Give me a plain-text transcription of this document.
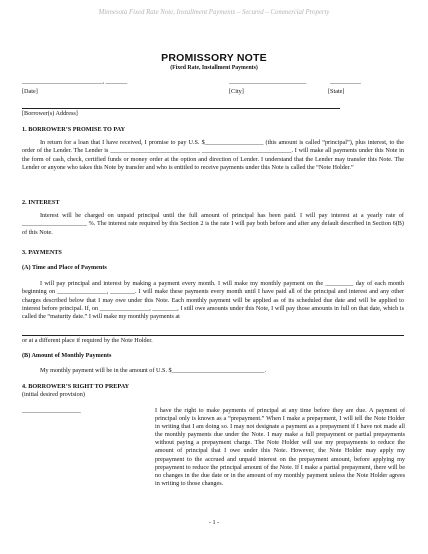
Minnesota Fixed Rate Note, Installment Payments – Secured – Commercial Property
PROMISSORY NOTE
(Fixed Rate, Installment Payments)
__________________________, _______	_________________________	__________
[Date]	[City]	[State]
[Borrower(s) Address]
1. BORROWER’S PROMISE TO PAY
In return for a loan that I have received, I promise to pay U.S. $___________________ (this amount is called “principal”), plus interest, to the order of the Lender. The Lender is _____________________________ _____________________________. I will make all payments under this Note in the form of cash, check, certified funds or money order at the option and direction of Lender. I understand that the Lender may transfer this Note. The Lender or anyone who takes this Note by transfer and who is entitled to receive payments under this Note is called the “Note Holder.”
2. INTEREST
Interest will be charged on unpaid principal until the full amount of principal has been paid. I will pay interest at a yearly rate of _____________________ %. The interest rate required by this Section 2 is the rate I will pay both before and after any default described in Section 6(B) of this Note.
3. PAYMENTS
(A) Time and Place of Payments
I will pay principal and interest by making a payment every month. I will make my monthly payment on the _________ day of each month beginning on ________________, ________. I will make these payments every month until I have paid all of the principal and interest and any other charges described below that I may owe under this Note. Each monthly payment will be applied as of its scheduled due date and will be applied to interest before principal. If, on ________________, ________, I still owe amounts under this Note, I will pay those amounts in full on that date, which is called the “maturity date.” I will make my monthly payments at
or at a different place if required by the Note Holder.
(B) Amount of Monthly Payments
My monthly payment will be in the amount of U.S. $______________________________.
4. BORROWER’S RIGHT TO PREPAY
(initial desired provision)
___________________	I have the right to make payments of principal at any time before they are due. A payment of principal only is known as a “prepayment.” When I make a prepayment, I will tell the Note Holder in writing that I am doing so. I may not designate a payment as a prepayment if I have not made all the monthly payments due under the Note. I may make a full prepayment or partial prepayments without paying a prepayment charge. The Note Holder will use my prepayments to reduce the amount of principal that I owe under this Note. However, the Note Holder may apply my prepayment to the accrued and unpaid interest on the prepayment amount, before applying my prepayment to reduce the principal amount of the Note. If I make a partial prepayment, there will be no changes in the due date or in the amount of my monthly payment unless the Note Holder agrees in writing to those changes.
- 1 -
